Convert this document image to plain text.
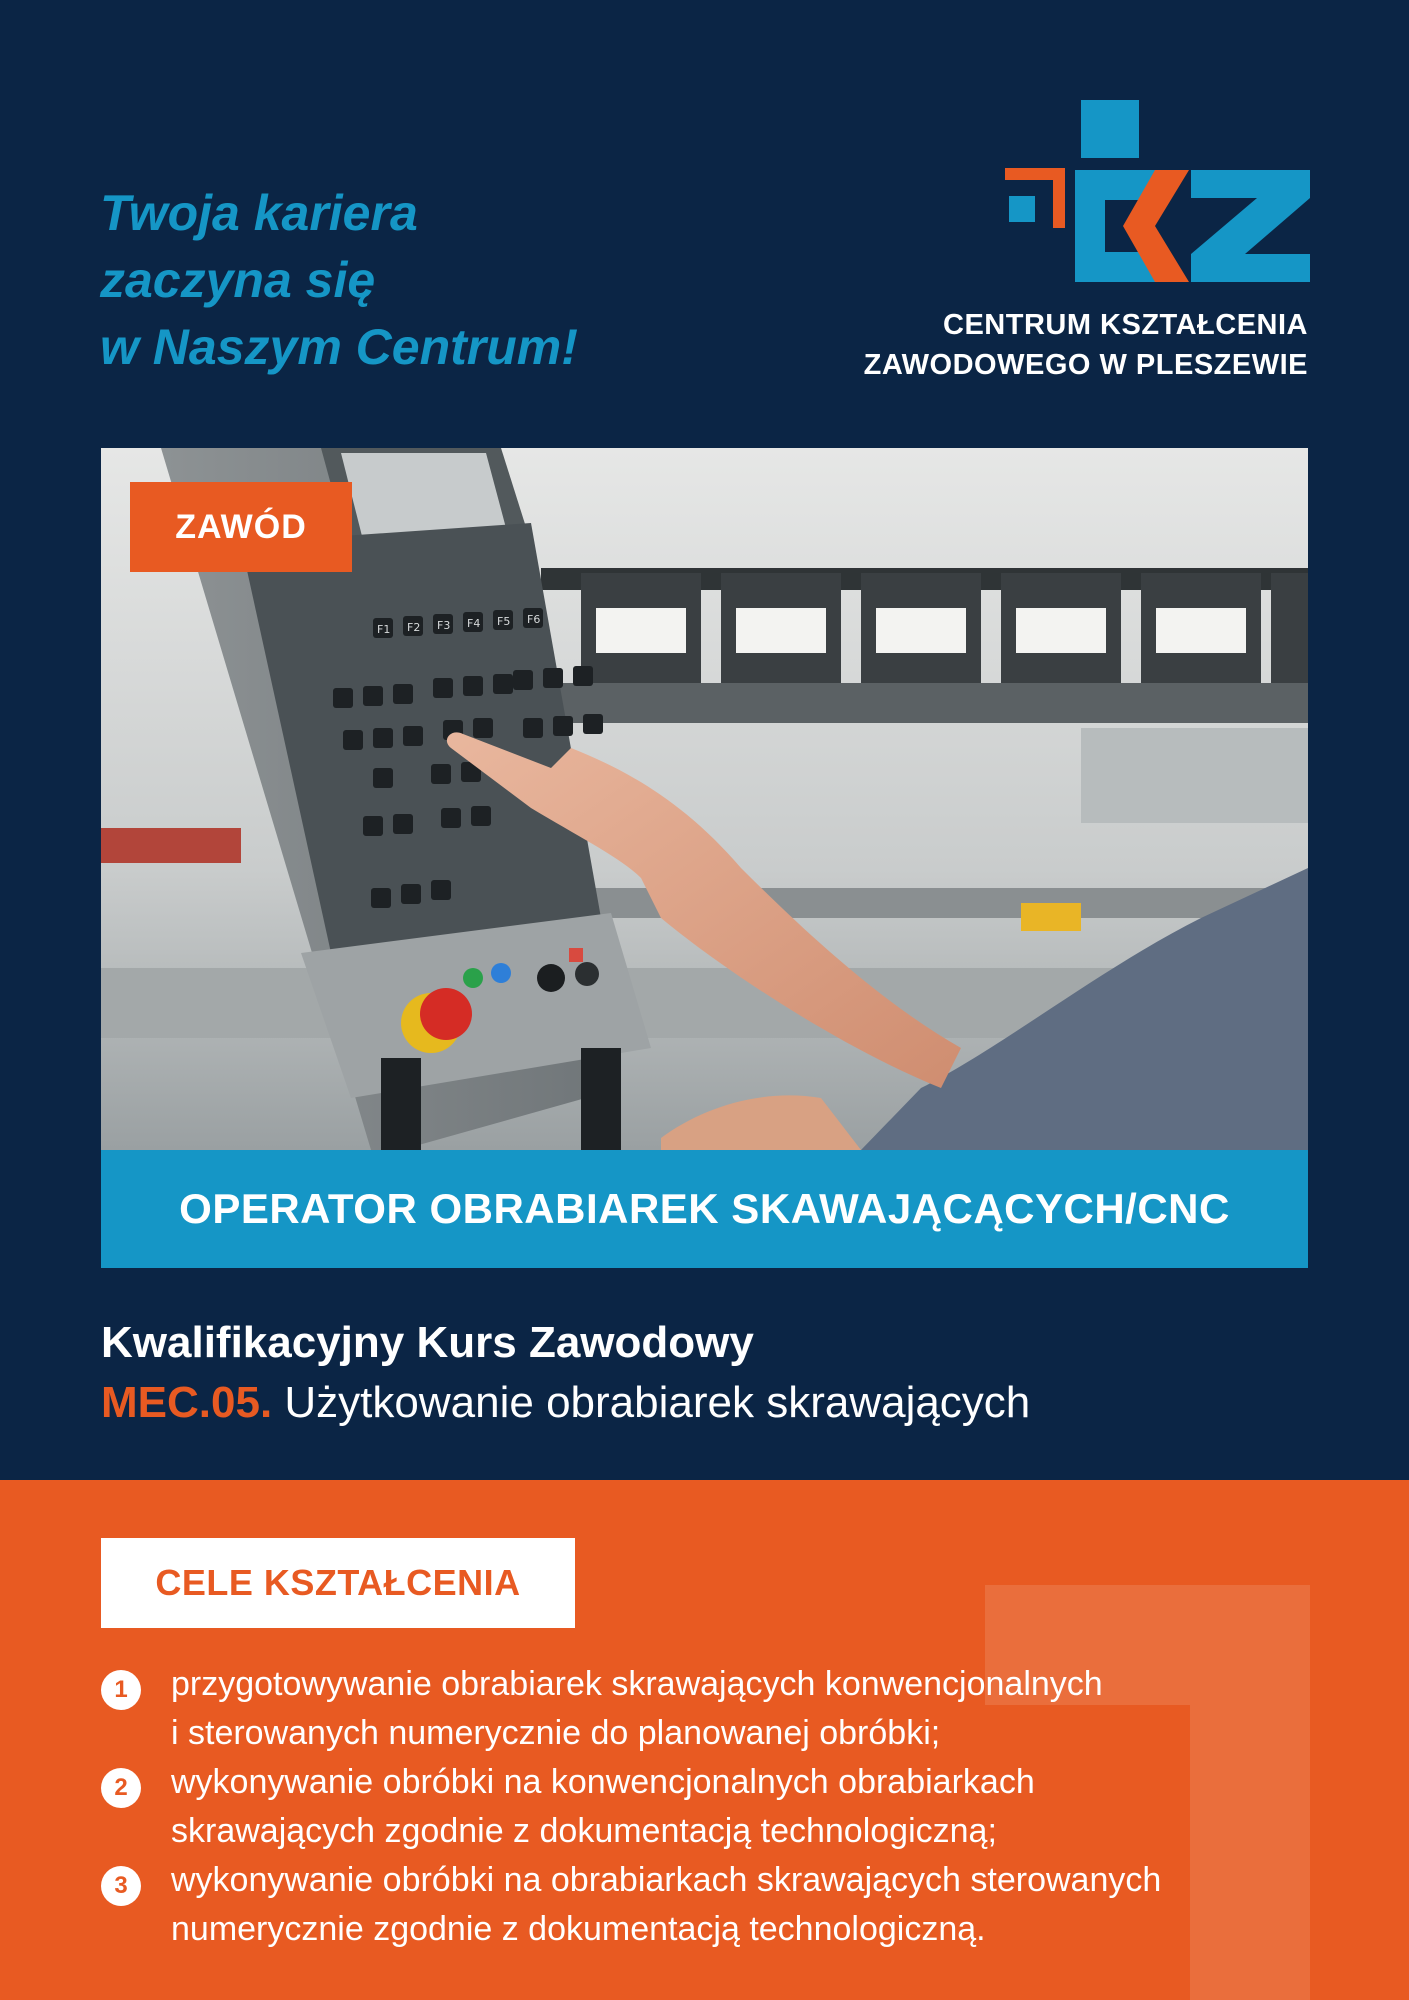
Twoja kariera
zaczyna się
w Naszym Centrum!	CENTRUM KSZTAŁCENIA
ZAWODOWEGO W PLESZEWIE
F1 F2 F3 F4 F5 F6
ZAWÓD
OPERATOR OBRABIAREK SKAWAJĄCĄCYCH/CNC
Kwalifikacyjny Kurs Zawodowy
MEC.05. Użytkowanie obrabiarek skrawających
CELE KSZTAŁCENIA
1	przygotowywanie obrabiarek skrawających konwencjonalnych
i sterowanych numerycznie do planowanej obróbki;
2	wykonywanie obróbki na konwencjonalnych obrabiarkach
skrawających zgodnie z dokumentacją technologiczną;
3	wykonywanie obróbki na obrabiarkach skrawających sterowanych
numerycznie zgodnie z dokumentacją technologiczną.
